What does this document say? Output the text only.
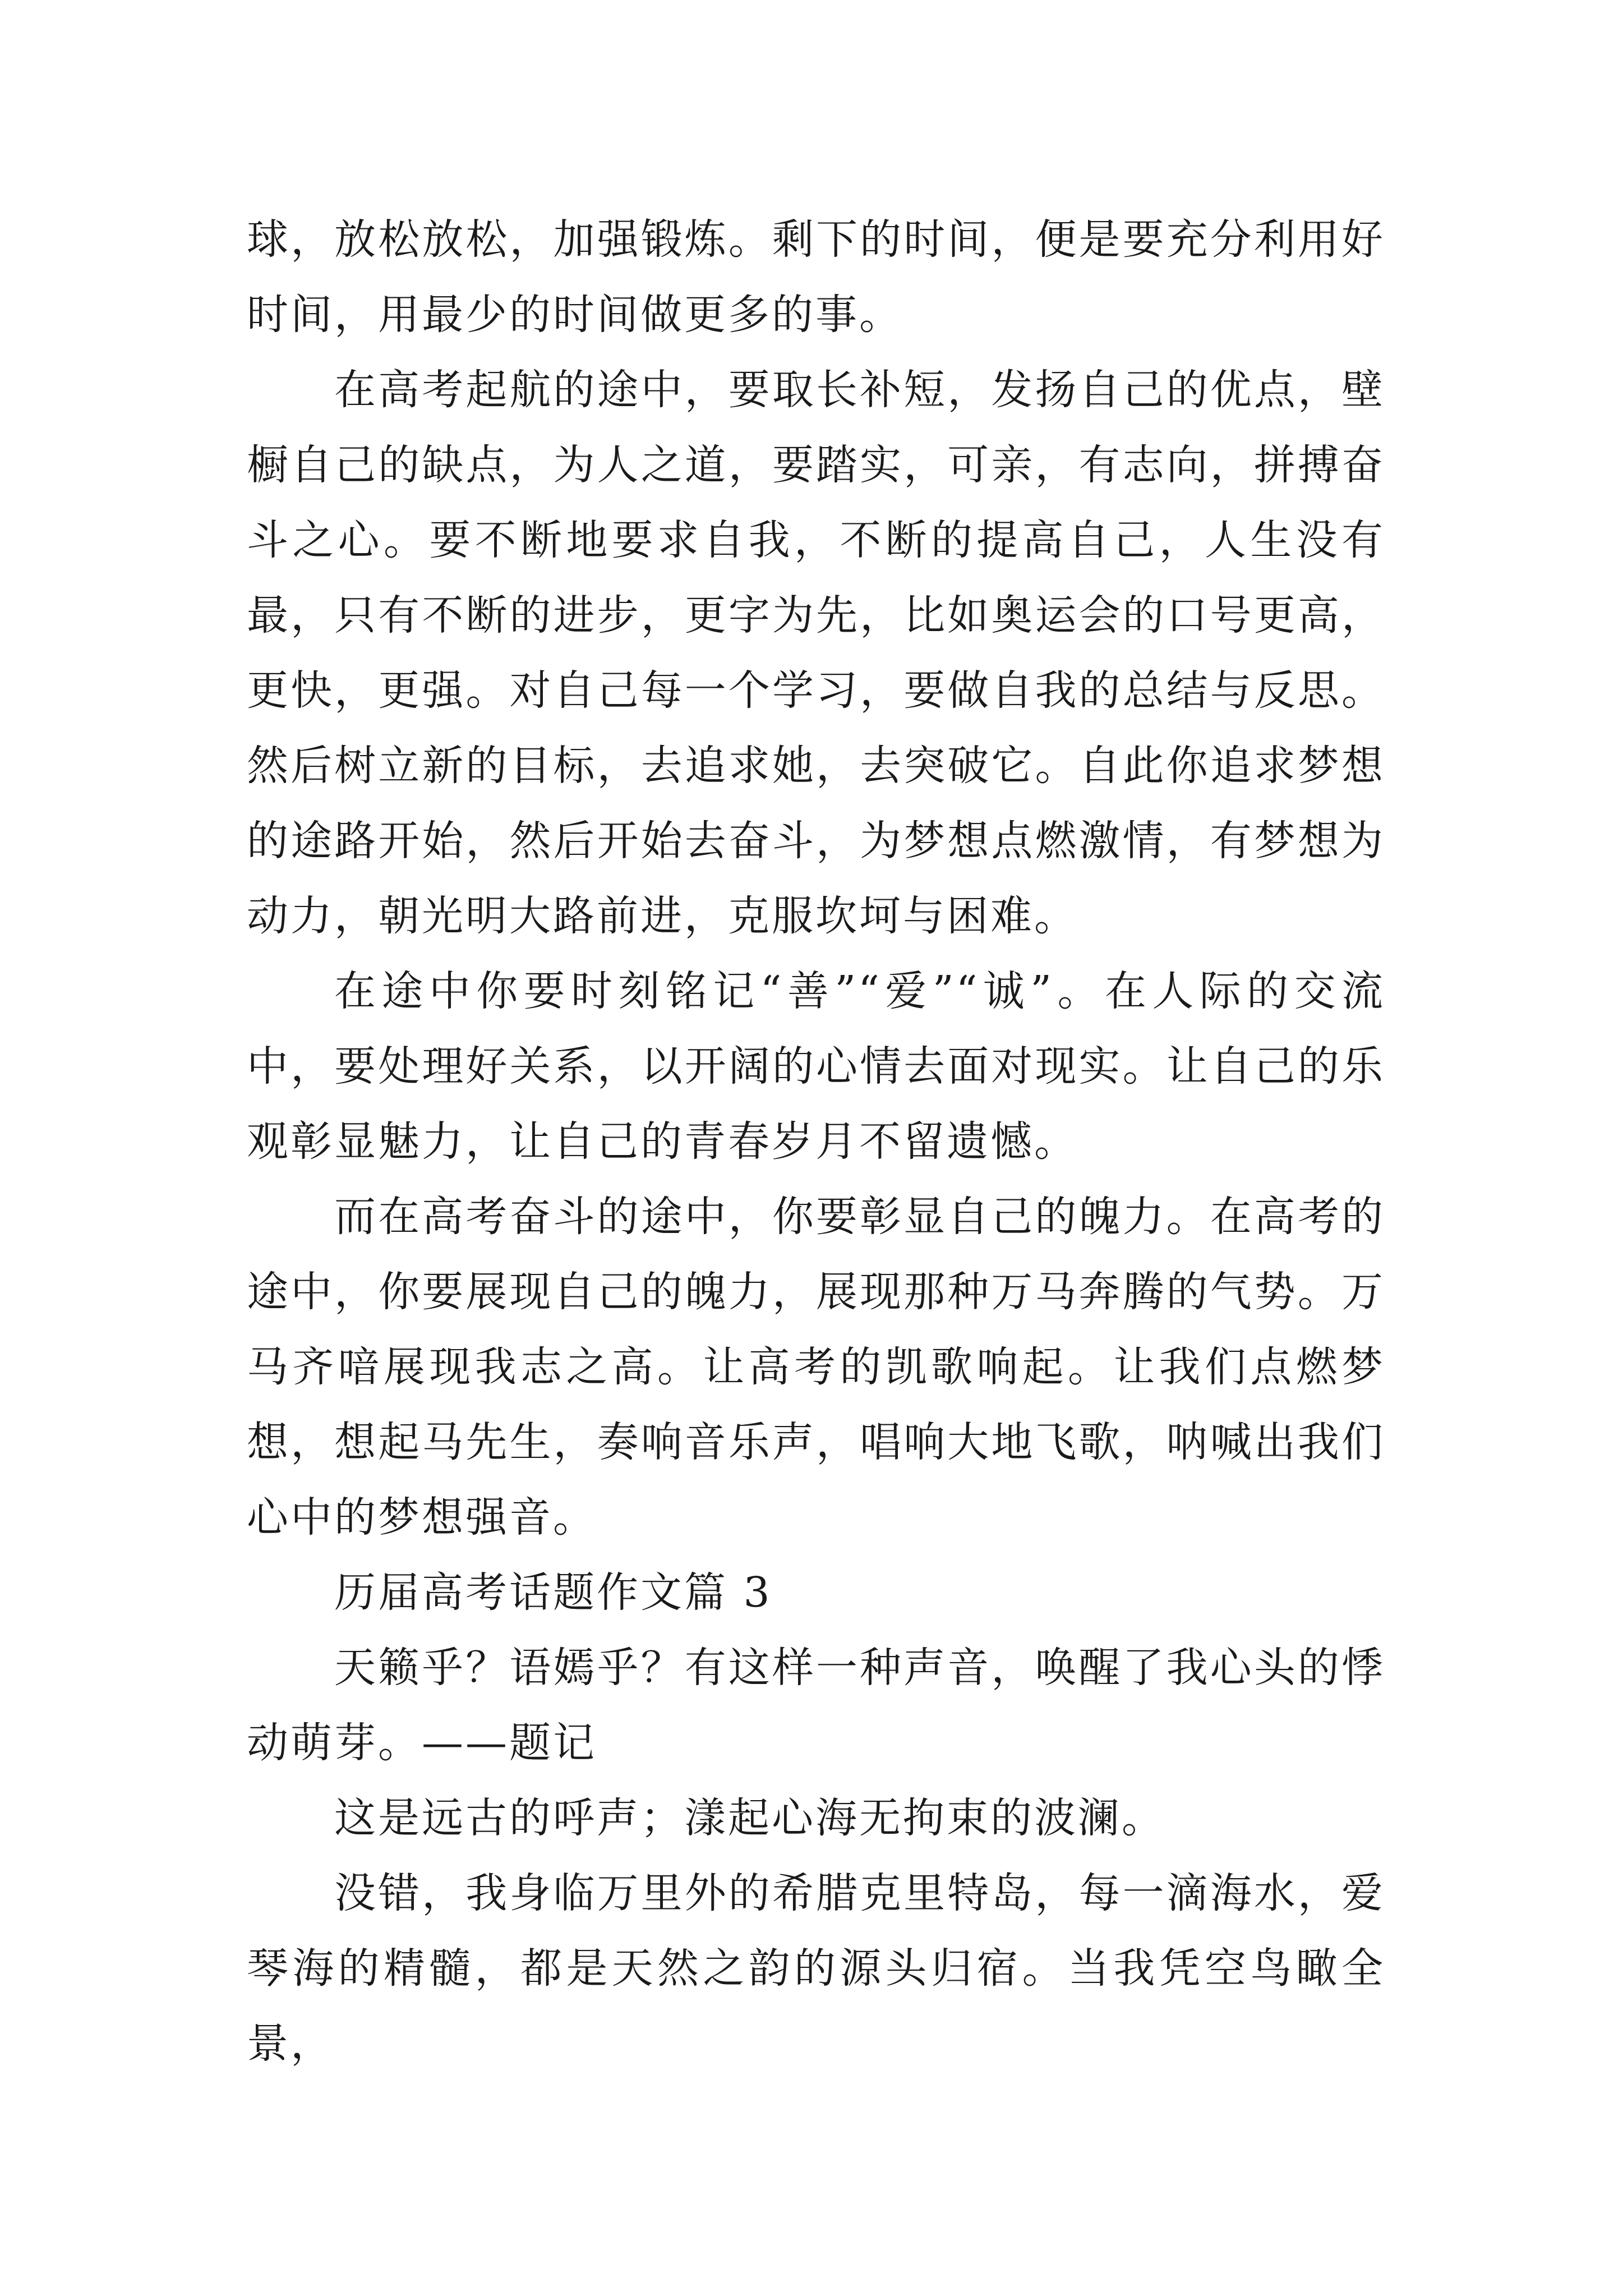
球，放松放松，加强锻炼。剩下的时间，便是要充分利用好时间，用最少的时间做更多的事。

在高考起航的途中，要取长补短，发扬自己的优点，壁橱自己的缺点，为人之道，要踏实，可亲，有志向，拼搏奋斗之心。要不断地要求自我，不断的提高自己，人生没有最，只有不断的进步，更字为先，比如奥运会的口号更高，更快，更强。对自己每一个学习，要做自我的总结与反思。然后树立新的目标，去追求她，去突破它。自此你追求梦想的途路开始，然后开始去奋斗，为梦想点燃激情，有梦想为动力，朝光明大路前进，克服坎坷与困难。

在途中你要时刻铭记“善”“爱”“诚”。在人际的交流中，要处理好关系，以开阔的心情去面对现实。让自己的乐观彰显魅力，让自己的青春岁月不留遗憾。

而在高考奋斗的途中，你要彰显自己的魄力。在高考的途中，你要展现自己的魄力，展现那种万马奔腾的气势。万马齐喑展现我志之高。让高考的凯歌响起。让我们点燃梦想，想起马先生，奏响音乐声，唱响大地飞歌，呐喊出我们心中的梦想强音。

历届高考话题作文篇 3

天籁乎？语嫣乎？有这样一种声音，唤醒了我心头的悸动萌芽。——题记

这是远古的呼声；漾起心海无拘束的波澜。

没错，我身临万里外的希腊克里特岛，每一滴海水，爱琴海的精髓，都是天然之韵的源头归宿。当我凭空鸟瞰全景，
